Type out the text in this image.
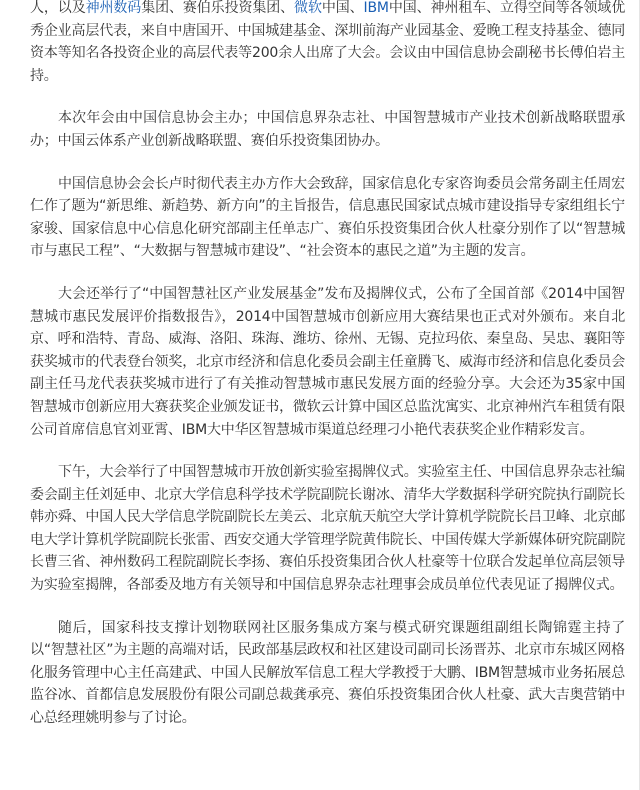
人，以及神州数码集团、赛伯乐投资集团、微软中国、IBM中国、神州租车、立得空间等各领域优秀企业高层代表，来自中唐国开、中国城建基金、深圳前海产业园基金、爱晚工程支持基金、德同资本等知名各投资企业的高层代表等200余人出席了大会。会议由中国信息协会副秘书长傅伯岩主持。

本次年会由中国信息协会主办；中国信息界杂志社、中国智慧城市产业技术创新战略联盟承办；中国云体系产业创新战略联盟、赛伯乐投资集团协办。

中国信息协会会长卢时彻代表主办方作大会致辞，国家信息化专家咨询委员会常务副主任周宏仁作了题为“新思维、新趋势、新方向”的主旨报告，信息惠民国家试点城市建设指导专家组组长宁家骏、国家信息中心信息化研究部副主任单志广、赛伯乐投资集团合伙人杜豪分别作了以“智慧城市与惠民工程”、“大数据与智慧城市建设”、“社会资本的惠民之道”为主题的发言。

大会还举行了“中国智慧社区产业发展基金”发布及揭牌仪式，公布了全国首部《2014中国智慧城市惠民发展评价指数报告》，2014中国智慧城市创新应用大赛结果也正式对外颁布。来自北京、呼和浩特、青岛、威海、洛阳、珠海、潍坊、徐州、无锡、克拉玛依、秦皇岛、吴忠、襄阳等获奖城市的代表登台领奖，北京市经济和信息化委员会副主任童腾飞、威海市经济和信息化委员会副主任马龙代表获奖城市进行了有关推动智慧城市惠民发展方面的经验分享。大会还为35家中国智慧城市创新应用大赛获奖企业颁发证书，微软云计算中国区总监沈寓实、北京神州汽车租赁有限公司首席信息官刘亚霄、IBM大中华区智慧城市渠道总经理刁小艳代表获奖企业作精彩发言。

下午，大会举行了中国智慧城市开放创新实验室揭牌仪式。实验室主任、中国信息界杂志社编委会副主任刘延申、北京大学信息科学技术学院副院长谢冰、清华大学数据科学研究院执行副院长韩亦舜、中国人民大学信息学院副院长左美云、北京航天航空大学计算机学院院长吕卫峰、北京邮电大学计算机学院副院长张雷、西安交通大学管理学院黄伟院长、中国传媒大学新媒体研究院副院长曹三省、神州数码工程院副院长李扬、赛伯乐投资集团合伙人杜豪等十位联合发起单位高层领导为实验室揭牌，各部委及地方有关领导和中国信息界杂志社理事会成员单位代表见证了揭牌仪式。

随后，国家科技支撑计划物联网社区服务集成方案与模式研究课题组副组长陶锦霆主持了以“智慧社区”为主题的高端对话，民政部基层政权和社区建设司副司长汤晋苏、北京市东城区网格化服务管理中心主任高建武、中国人民解放军信息工程大学教授于大鹏、IBM智慧城市业务拓展总监谷冰、首都信息发展股份有限公司副总裁龚承亮、赛伯乐投资集团合伙人杜豪、武大吉奥营销中心总经理姚明参与了讨论。
